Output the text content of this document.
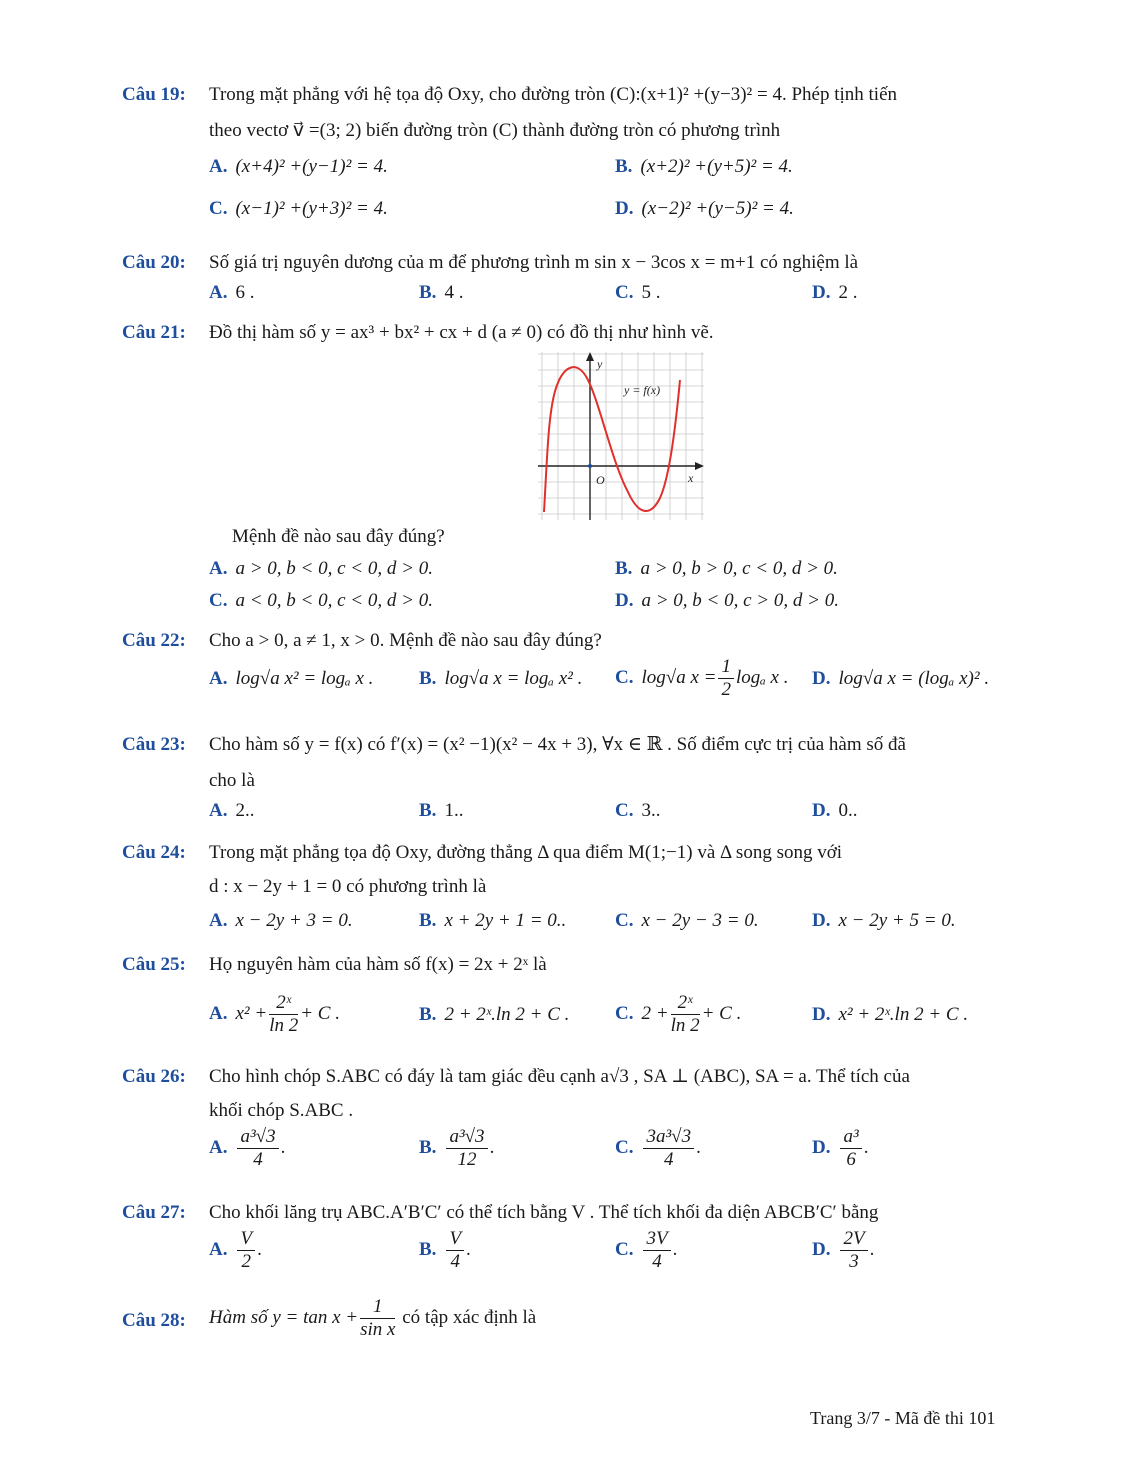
Câu 19: Trong mặt phẳng với hệ tọa độ Oxy, cho đường tròn (C):(x+1)² +(y−3)² = 4. Phép tịnh tiến
theo vectơ v⃗ =(3; 2) biến đường tròn (C) thành đường tròn có phương trình
A. (x+4)² +(y−1)² = 4.	B. (x+2)² +(y+5)² = 4.
C. (x−1)² +(y+3)² = 4.	D. (x−2)² +(y−5)² = 4.
Câu 20: Số giá trị nguyên dương của m để phương trình m sin x − 3cos x = m+1 có nghiệm là
A. 6 .	B. 4 .	C. 5 .	D. 2 .
Câu 21: Đồ thị hàm số y = ax³ + bx² + cx + d (a ≠ 0) có đồ thị như hình vẽ.
y
x
O
y = f(x)
Mệnh đề nào sau đây đúng?
A. a > 0, b < 0, c < 0, d > 0.	B. a > 0, b > 0, c < 0, d > 0.
C. a < 0, b < 0, c < 0, d > 0.	D. a > 0, b < 0, c > 0, d > 0.
Câu 22: Cho a > 0, a ≠ 1, x > 0. Mệnh đề nào sau đây đúng?
A. log√a x² = logₐ x . B. log√a x = logₐ x² . C. log√a $x = \frac{1}{2}$ logₐ x . D. log√a x = (logₐ x)² .
Câu 23: Cho hàm số y = f(x) có f′(x) = (x² −1)(x² − 4x + 3), ∀x ∈ ℝ . Số điểm cực trị của hàm số đã
cho là
A. 2..	B. 1..	C. 3..	D. 0..
Câu 24: Trong mặt phẳng tọa độ Oxy, đường thẳng Δ qua điểm M(1;−1) và Δ song song với
d : x − 2y + 1 = 0 có phương trình là
A. x − 2y + 3 = 0.	B. x + 2y + 1 = 0..	C. x − 2y − 3 = 0.	D. x − 2y + 5 = 0.
Câu 25: Họ nguyên hàm của hàm số f(x) = 2x + 2ˣ là
A. $x^2 + \frac{\text{2ˣ}}{\ln 2} + C$ .	B. 2 + 2ˣ.ln 2 + C . C. $2 + \frac{\text{2ˣ}}{\ln 2} + C$ .	D. x² + 2ˣ.ln 2 + C .
Câu 26: Cho hình chóp S.ABC có đáy là tam giác đều cạnh a√3 , SA ⊥ (ABC), SA = a. Thể tích của
khối chóp S.ABC .
A. $\frac{\text{a³√3}}{4}$ .	B. $\frac{\text{a³√3}}{12}$ .	C. $\frac{\text{3a³√3}}{4}$ .	D. $\frac{\text{a³}}{6}$ .
Câu 27: Cho khối lăng trụ ABC.A′B′C′ có thể tích bằng V . Thể tích khối đa diện ABCB′C′ bằng
A. $\frac{V}{2}$ .	B. $\frac{V}{4}$ .	C. $\frac{3V}{4}$ .	D. $\frac{2V}{3}$ .
Câu 28: Hàm số $y = \tan x + \frac{1}{\text{sin x}}$ có tập xác định là
Trang 3/7 - Mã đề thi 101
